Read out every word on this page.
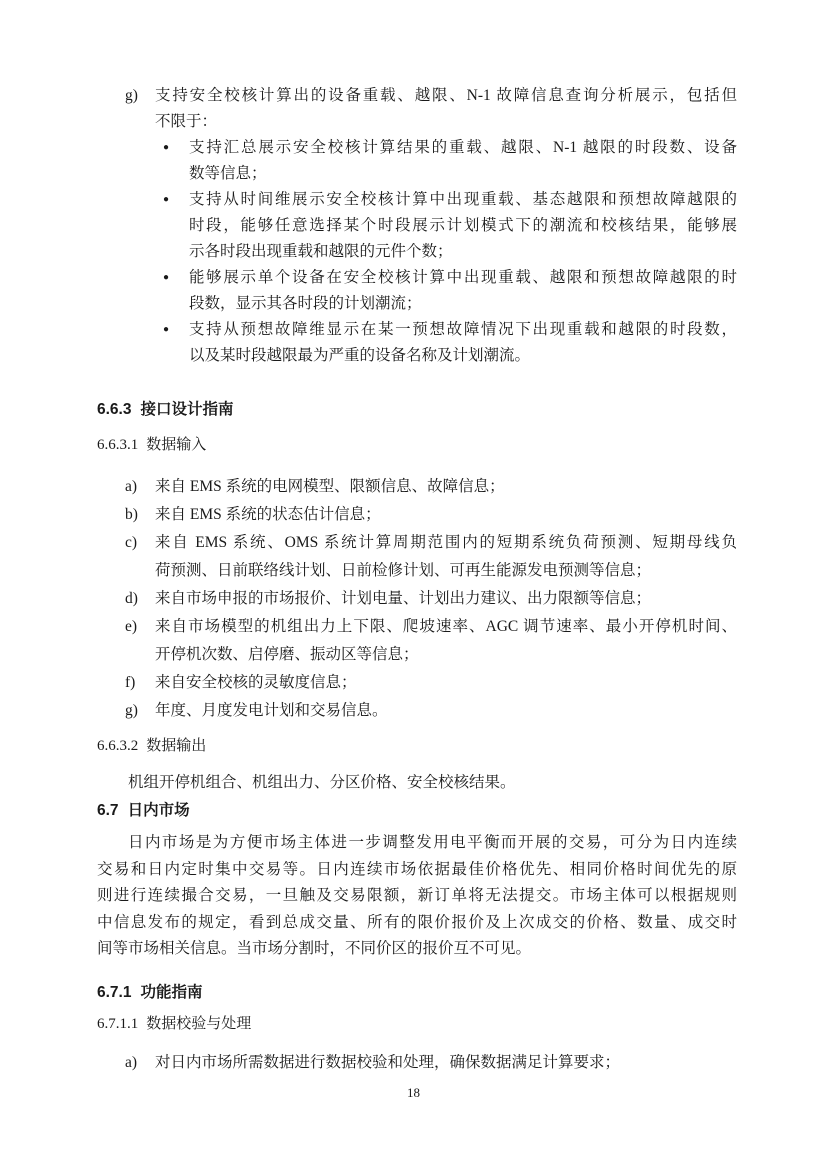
g)	支持安全校核计算出的设备重载、越限、N-1 故障信息查询分析展示，包括但
不限于：
●	支持汇总展示安全校核计算结果的重载、越限、N-1 越限的时段数、设备
数等信息；
●	支持从时间维展示安全校核计算中出现重载、基态越限和预想故障越限的
时段，能够任意选择某个时段展示计划模式下的潮流和校核结果，能够展
示各时段出现重载和越限的元件个数；
●	能够展示单个设备在安全校核计算中出现重载、越限和预想故障越限的时
段数，显示其各时段的计划潮流；
●	支持从预想故障维显示在某一预想故障情况下出现重载和越限的时段数，
以及某时段越限最为严重的设备名称及计划潮流。
6.6.3 接口设计指南
6.6.3.1 数据输入
a)	来自 EMS 系统的电网模型、限额信息、故障信息；
b)	来自 EMS 系统的状态估计信息；
c)	来自 EMS 系统、OMS 系统计算周期范围内的短期系统负荷预测、短期母线负
荷预测、日前联络线计划、日前检修计划、可再生能源发电预测等信息；
d)	来自市场申报的市场报价、计划电量、计划出力建议、出力限额等信息；
e)	来自市场模型的机组出力上下限、爬坡速率、AGC 调节速率、最小开停机时间、
开停机次数、启停磨、振动区等信息；
f)	来自安全校核的灵敏度信息；
g)	年度、月度发电计划和交易信息。
6.6.3.2 数据输出
机组开停机组合、机组出力、分区价格、安全校核结果。
6.7 日内市场
日内市场是为方便市场主体进一步调整发用电平衡而开展的交易，可分为日内连续
交易和日内定时集中交易等。日内连续市场依据最佳价格优先、相同价格时间优先的原
则进行连续撮合交易，一旦触及交易限额，新订单将无法提交。市场主体可以根据规则
中信息发布的规定，看到总成交量、所有的限价报价及上次成交的价格、数量、成交时
间等市场相关信息。当市场分割时，不同价区的报价互不可见。
6.7.1 功能指南
6.7.1.1 数据校验与处理
a)	对日内市场所需数据进行数据校验和处理，确保数据满足计算要求；
18
